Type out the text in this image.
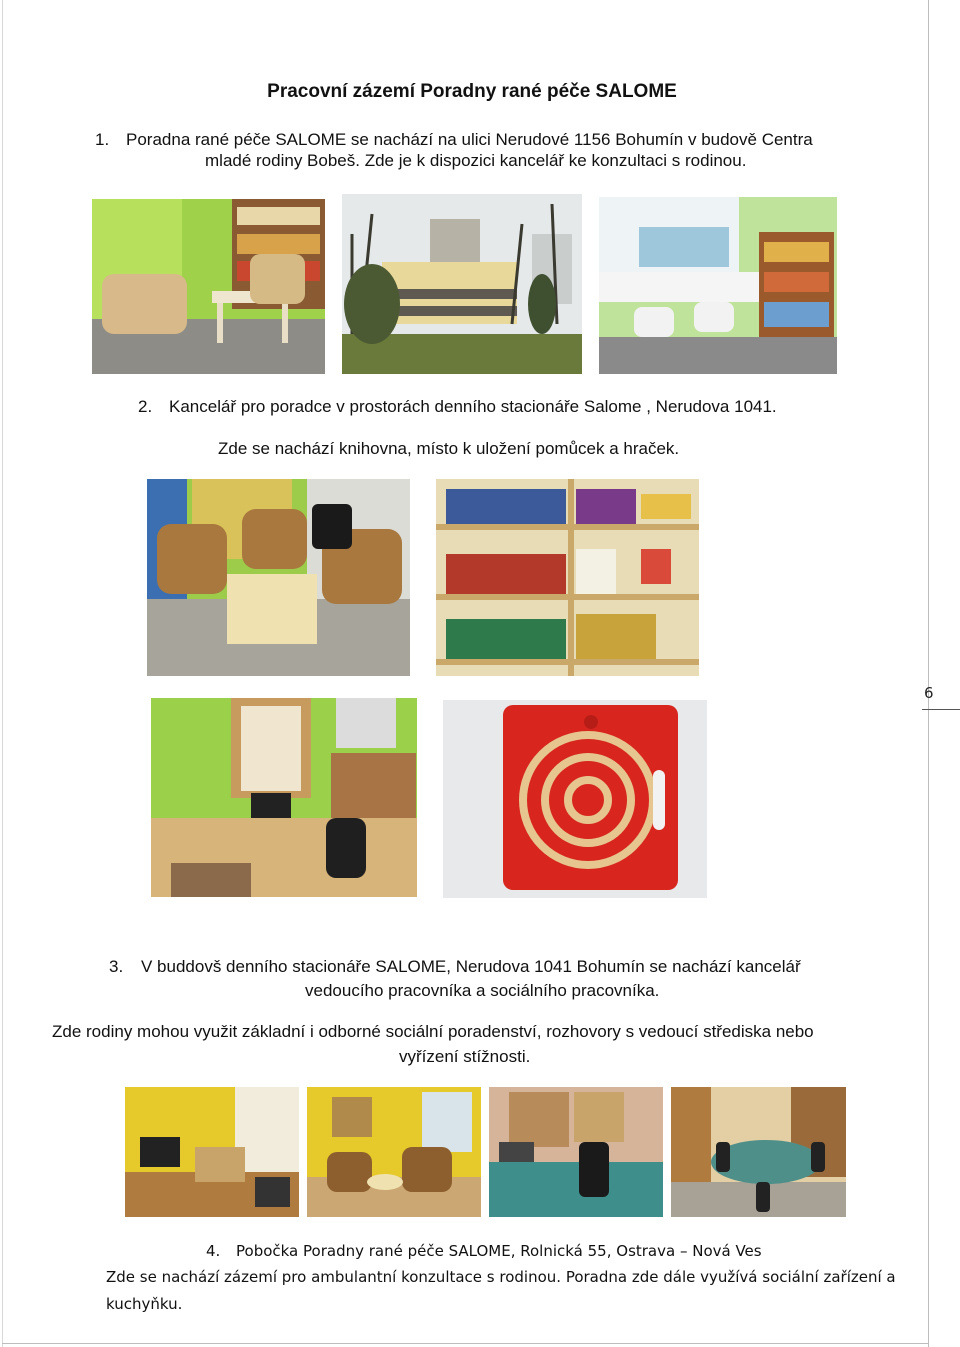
Pracovní zázemí Poradny rané péče SALOME
1. Poradna rané péče SALOME se nachází na ulici Nerudové 1156 Bohumín v budově Centra
mladé rodiny Bobeš. Zde je k dispozici kancelář ke konzultaci s rodinou.
2. Kancelář pro poradce v prostorách denního stacionáře Salome , Nerudova 1041.
Zde se nachází knihovna, místo k uložení pomůcek a hraček.
3. V buddovš denního stacionáře SALOME, Nerudova 1041 Bohumín se nachází kancelář
vedoucího pracovníka a sociálního pracovníka.
Zde rodiny mohou využit základní i odborné sociální poradenství, rozhovory s vedoucí střediska nebo
vyřízení stížnosti.
4. Pobočka Poradny rané péče SALOME, Rolnická 55, Ostrava – Nová Ves
Zde se nachází zázemí pro ambulantní konzultace s rodinou. Poradna zde dále využívá sociální zařízení a
kuchyňku.
6
